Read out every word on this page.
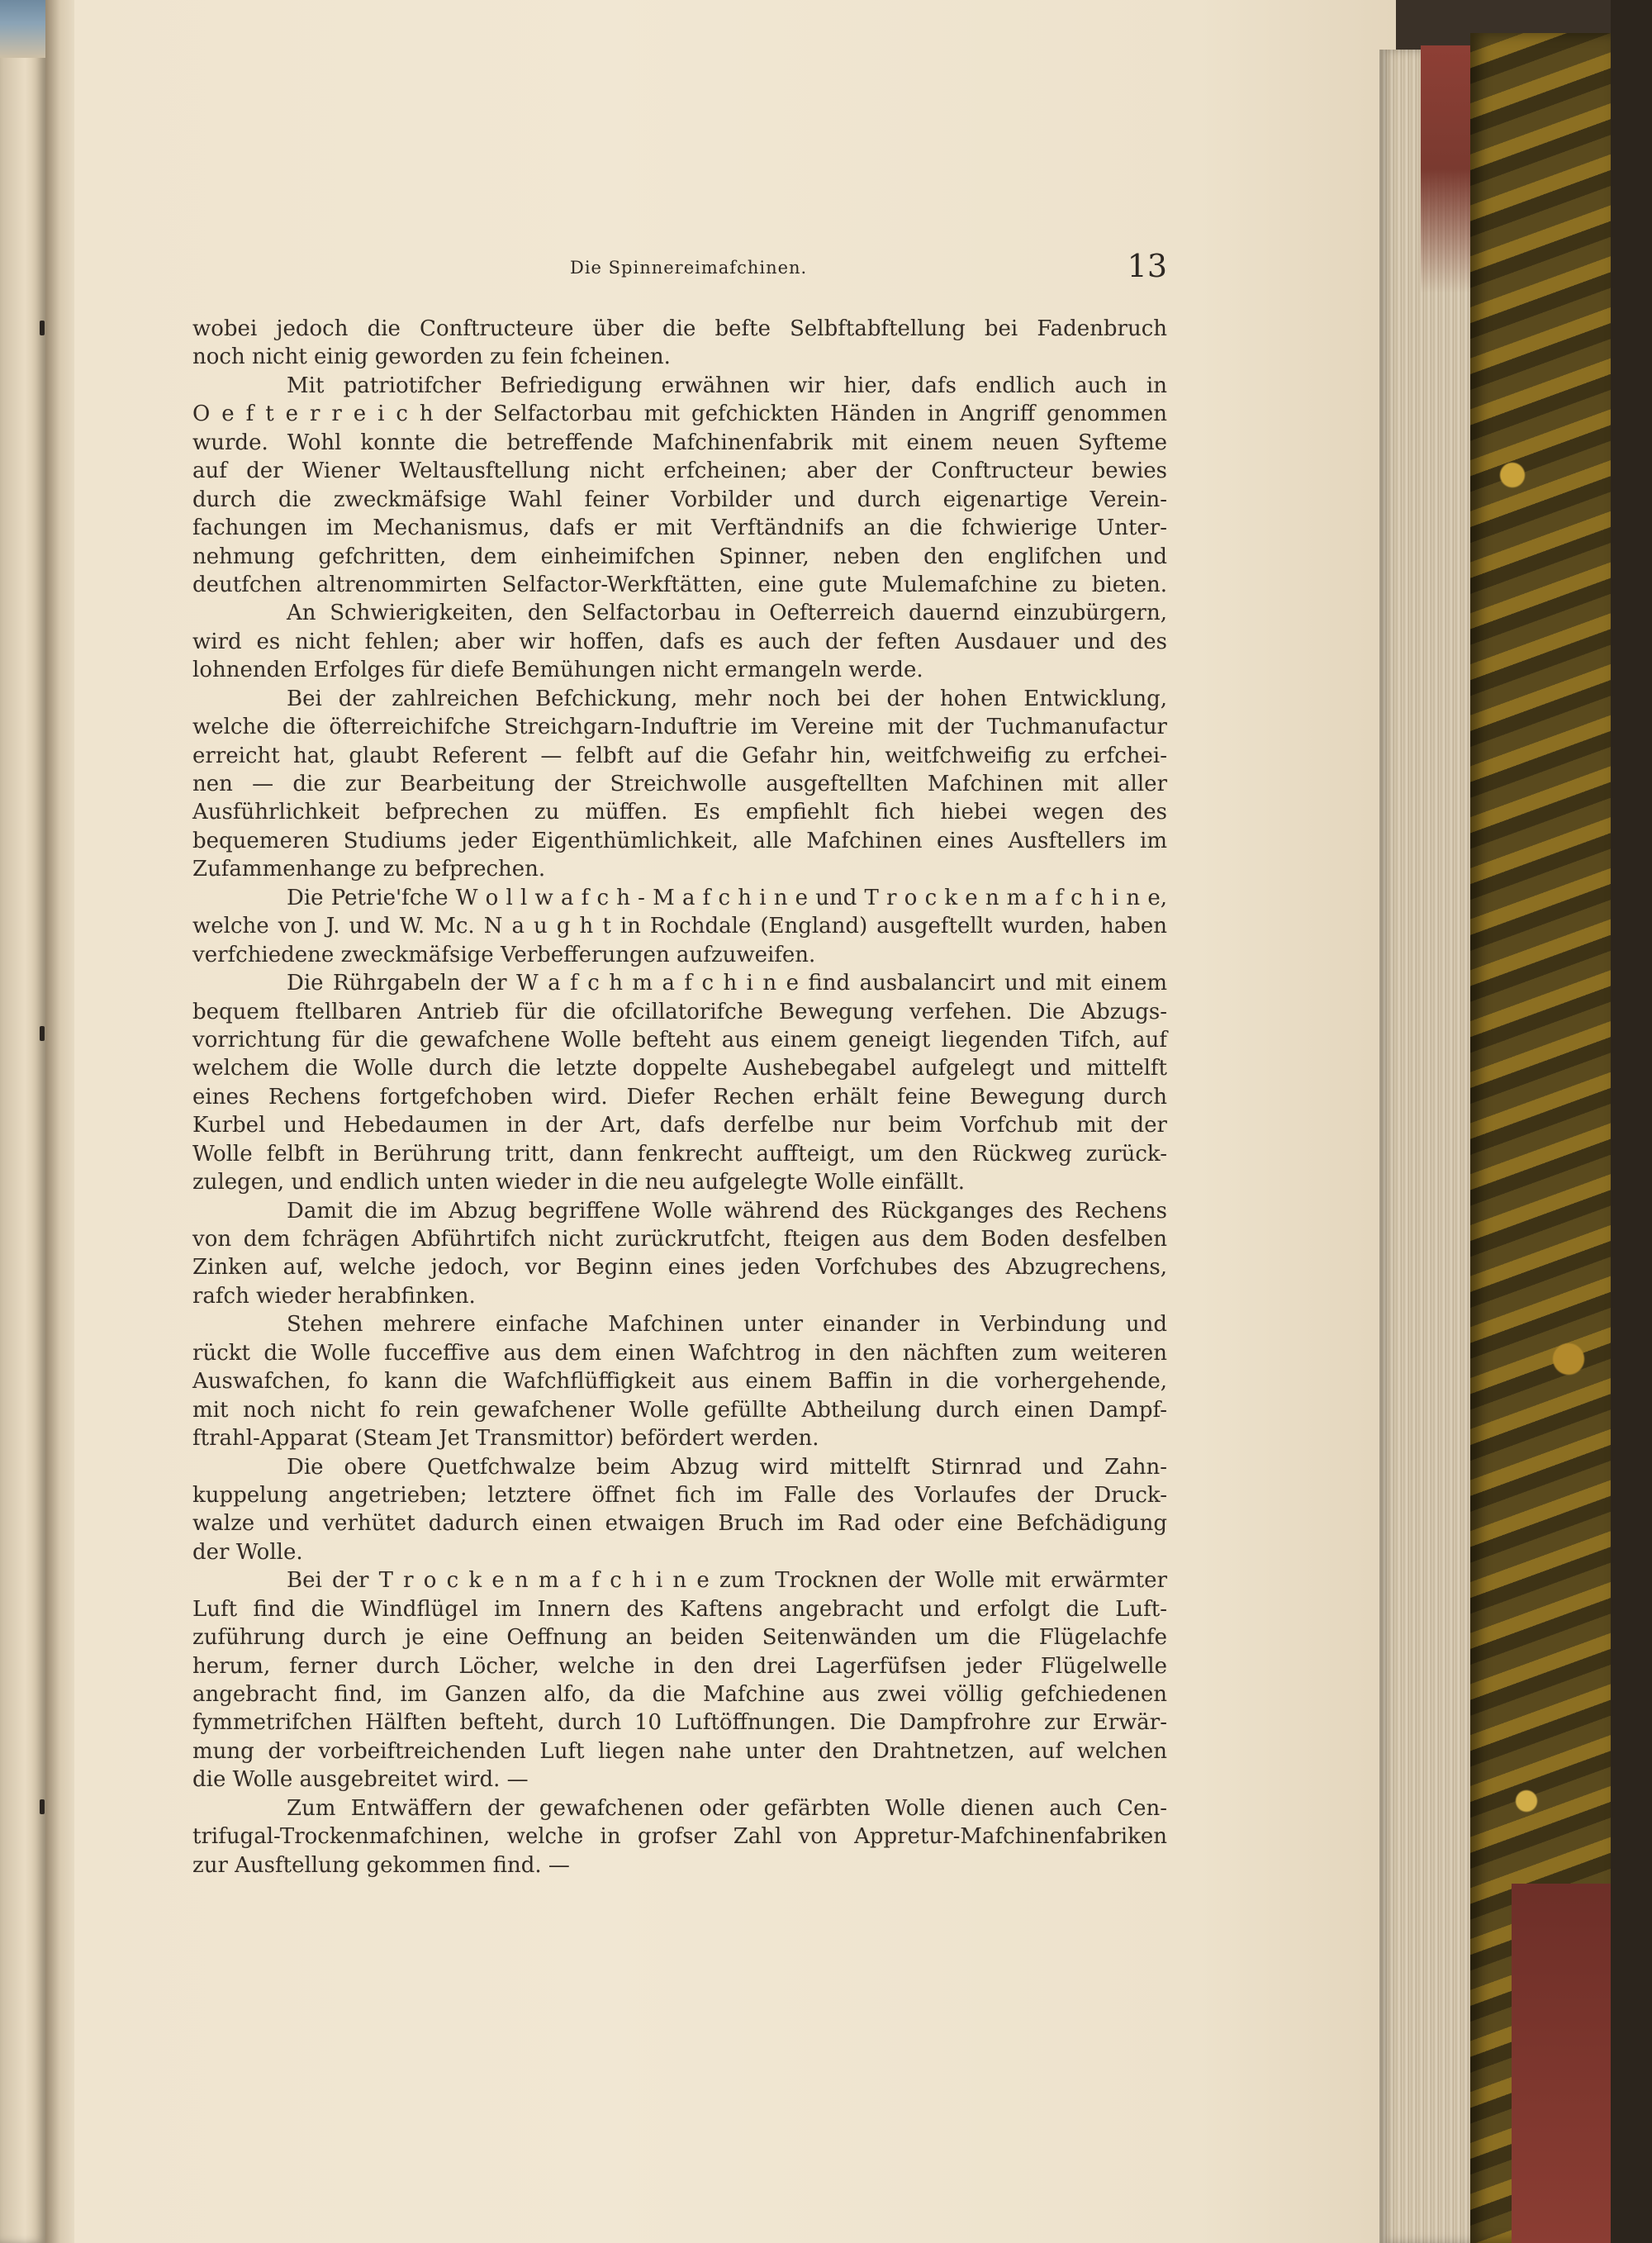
Die Spinnereimafchinen.	13
wobei jedoch die Conftructeure über die befte Selbftabftellung bei Fadenbruch
noch nicht einig geworden zu fein fcheinen.
Mit patriotifcher Befriedigung erwähnen wir hier, dafs endlich auch in
O e f t e r r e i c h der Selfactorbau mit gefchickten Händen in Angriff genommen
wurde. Wohl konnte die betreffende Mafchinenfabrik mit einem neuen Syfteme
auf der Wiener Weltausftellung nicht erfcheinen; aber der Conftructeur bewies
durch die zweckmäfsige Wahl feiner Vorbilder und durch eigenartige Verein-
fachungen im Mechanismus, dafs er mit Verftändnifs an die fchwierige Unter-
nehmung gefchritten, dem einheimifchen Spinner, neben den englifchen und
deutfchen altrenommirten Selfactor-Werkftätten, eine gute Mulemafchine zu bieten.
An Schwierigkeiten, den Selfactorbau in Oefterreich dauernd einzubürgern,
wird es nicht fehlen; aber wir hoffen, dafs es auch der feften Ausdauer und des
lohnenden Erfolges für diefe Bemühungen nicht ermangeln werde.
Bei der zahlreichen Befchickung, mehr noch bei der hohen Entwicklung,
welche die öfterreichifche Streichgarn-Induftrie im Vereine mit der Tuchmanufactur
erreicht hat, glaubt Referent — felbft auf die Gefahr hin, weitfchweifig zu erfchei-
nen — die zur Bearbeitung der Streichwolle ausgeftellten Mafchinen mit aller
Ausführlichkeit befprechen zu müffen. Es empfiehlt fich hiebei wegen des
bequemeren Studiums jeder Eigenthümlichkeit, alle Mafchinen eines Ausftellers im
Zufammenhange zu befprechen.
Die Petrie'fche W o l l w a f c h - M a f c h i n e und T r o c k e n m a f c h i n e,
welche von J. und W. Mc. N a u g h t in Rochdale (England) ausgeftellt wurden, haben
verfchiedene zweckmäfsige Verbefferungen aufzuweifen.
Die Rührgabeln der W a f c h m a f c h i n e find ausbalancirt und mit einem
bequem ftellbaren Antrieb für die ofcillatorifche Bewegung verfehen. Die Abzugs-
vorrichtung für die gewafchene Wolle befteht aus einem geneigt liegenden Tifch, auf
welchem die Wolle durch die letzte doppelte Aushebegabel aufgelegt und mittelft
eines Rechens fortgefchoben wird. Diefer Rechen erhält feine Bewegung durch
Kurbel und Hebedaumen in der Art, dafs derfelbe nur beim Vorfchub mit der
Wolle felbft in Berührung tritt, dann fenkrecht auffteigt, um den Rückweg zurück-
zulegen, und endlich unten wieder in die neu aufgelegte Wolle einfällt.
Damit die im Abzug begriffene Wolle während des Rückganges des Rechens
von dem fchrägen Abführtifch nicht zurückrutfcht, fteigen aus dem Boden desfelben
Zinken auf, welche jedoch, vor Beginn eines jeden Vorfchubes des Abzugrechens,
rafch wieder herabfinken.
Stehen mehrere einfache Mafchinen unter einander in Verbindung und
rückt die Wolle fucceffive aus dem einen Wafchtrog in den nächften zum weiteren
Auswafchen, fo kann die Wafchflüffigkeit aus einem Baffin in die vorhergehende,
mit noch nicht fo rein gewafchener Wolle gefüllte Abtheilung durch einen Dampf-
ftrahl-Apparat (Steam Jet Transmittor) befördert werden.
Die obere Quetfchwalze beim Abzug wird mittelft Stirnrad und Zahn-
kuppelung angetrieben; letztere öffnet fich im Falle des Vorlaufes der Druck-
walze und verhütet dadurch einen etwaigen Bruch im Rad oder eine Befchädigung
der Wolle.
Bei der T r o c k e n m a f c h i n e zum Trocknen der Wolle mit erwärmter
Luft find die Windflügel im Innern des Kaftens angebracht und erfolgt die Luft-
zuführung durch je eine Oeffnung an beiden Seitenwänden um die Flügelachfe
herum, ferner durch Löcher, welche in den drei Lagerfüfsen jeder Flügelwelle
angebracht find, im Ganzen alfo, da die Mafchine aus zwei völlig gefchiedenen
fymmetrifchen Hälften befteht, durch 10 Luftöffnungen. Die Dampfrohre zur Erwär-
mung der vorbeiftreichenden Luft liegen nahe unter den Drahtnetzen, auf welchen
die Wolle ausgebreitet wird. —
Zum Entwäffern der gewafchenen oder gefärbten Wolle dienen auch Cen-
trifugal-Trockenmafchinen, welche in grofser Zahl von Appretur-Mafchinenfabriken
zur Ausftellung gekommen find. —
